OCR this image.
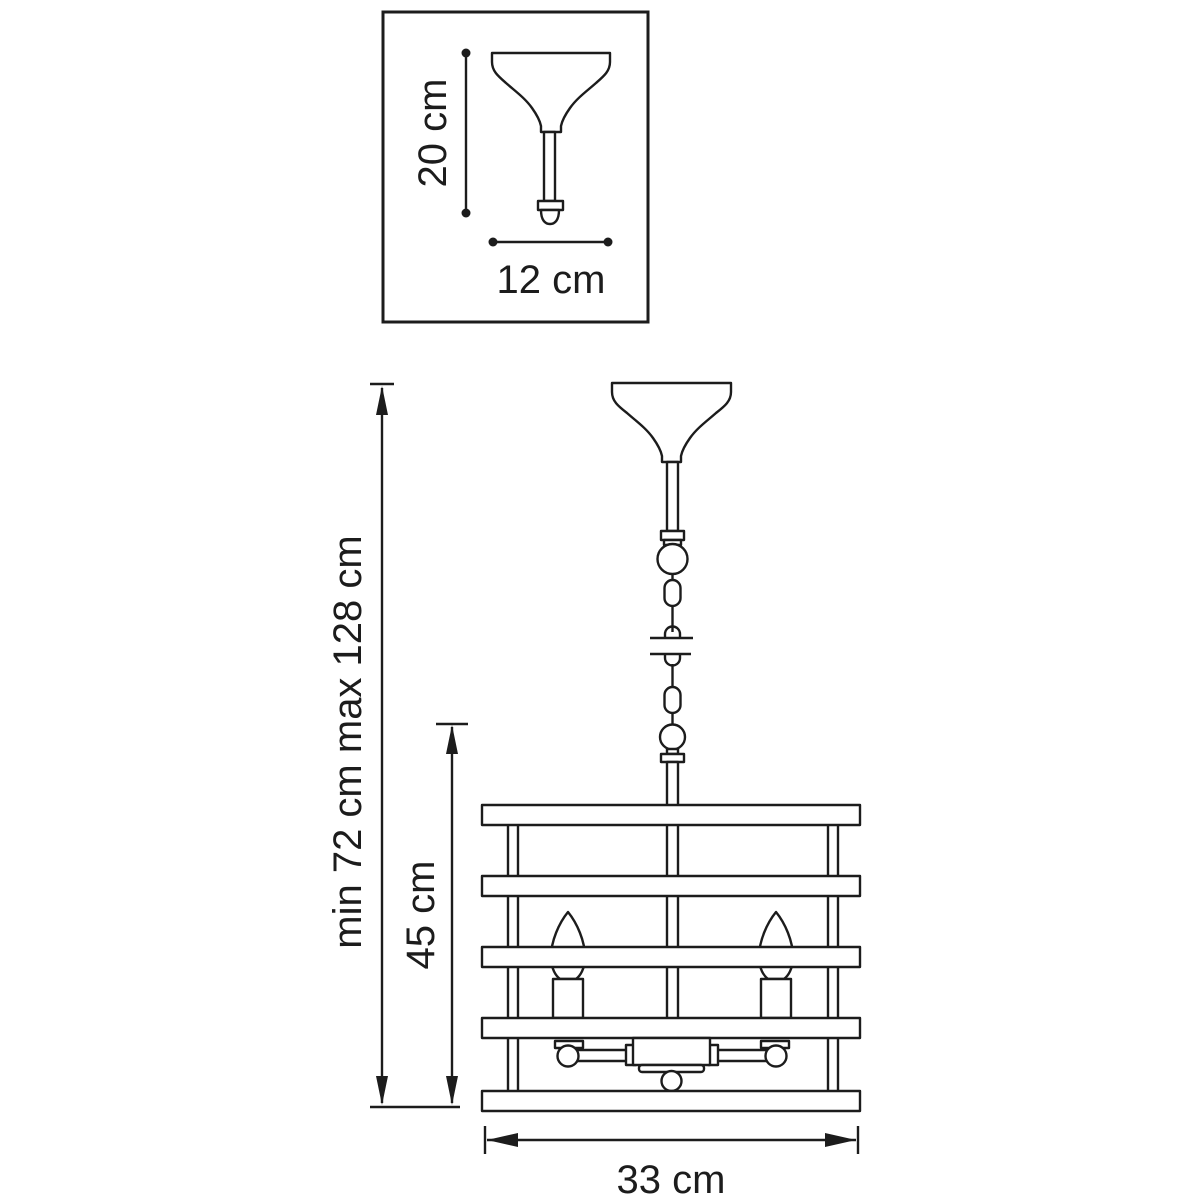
20 cm
12 cm
min 72 cm max 128 cm 45 cm
33 cm
